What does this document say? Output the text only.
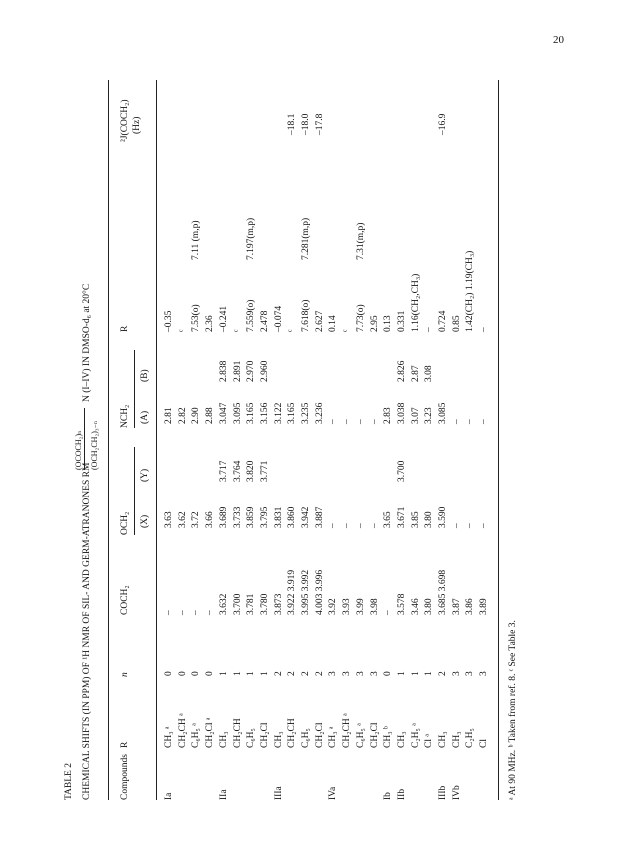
20
TABLE 2 CHEMICAL SHIFTS (IN PPM) OF ¹H NMR OF SIL- AND GERM-ATRANONES RM
(OCOCH₂)ₙ (OCH₂CH₂)₃₋ₙ
N (I–IV) IN DMSO-d₆ at 20°C
Compounds
R
n
COCH₂
OCH₂ (X)
(Y)
NCH₂ (A)
(B)
R
²J(COCH₂) (Hz)
Ia
CH₃ ᵃ
0
–
3.63
2.81
–0.35
CH₂CH ᵃ
0
–
3.62
2.82
ᶜ
C₆H₅ ᵃ
0
–
3.72
2.90
7.53(o)
7.11 (m,p)
CH₂Cl ᵃ
0
–
3.66
2.88
2.36
IIa
CH₃
1
3.632
3.689
3.717
3.047
2.838
–0.241
CH₂CH
1
3.700
3.733
3.764
3.095
2.891
ᶜ
C₆H₅
1
3.781
3.859
3.820
3.165
2.970
7.559(o)
7.197(m,p)
CH₂Cl
1
3.780
3.795
3.771
3.156
2.960
2.478
IIIa
CH₃
2
3.873
3.831
3.122
–0.074
CH₂CH
2
3.922 3.919
3.860
3.165
ᶜ
–18.1
C₆H₅
2
3.995 3.992
3.942
3.235
7.618(o)
7.281(m,p)
–18.0
CH₂Cl
2
4.003 3.996
3.887
3.236
2.627
–17.8
IVa
CH₃ ᵃ
3
3.92
–
–
0.14
CH₂CH ᵃ
3
3.93
–
–
ᶜ
C₆H₅ ᵃ
3
3.99
–
–
7.73(o)
7.31(m,p)
CH₂Cl
3
3.98
–
–
2.95
Ib
CH₃ ᵇ
0
–
3.65
2.83
0.13
IIb
CH₃
1
3.578
3.671
3.700
3.038
2.826
0.331
C₂H₅ ᵃ
1
3.46
3.85
3.07
2.87
1.16(CH₂,CH₃)
Cl ᵃ
1
3.80
3.80
3.23
3.08
–
IIIb
CH₃
2
3.685 3.698
3.590
3.085
0.724
–16.9
IVb
CH₃
3
3.87
–
–
0.85
C₂H₅
3
3.86
–
–
1.42(CH₂) 1.19(CH₃)
Cl
3
3.89
–
–
–
ᵃ At 90 MHz. ᵇ Taken from ref. 8. ᶜ See Table 3.
